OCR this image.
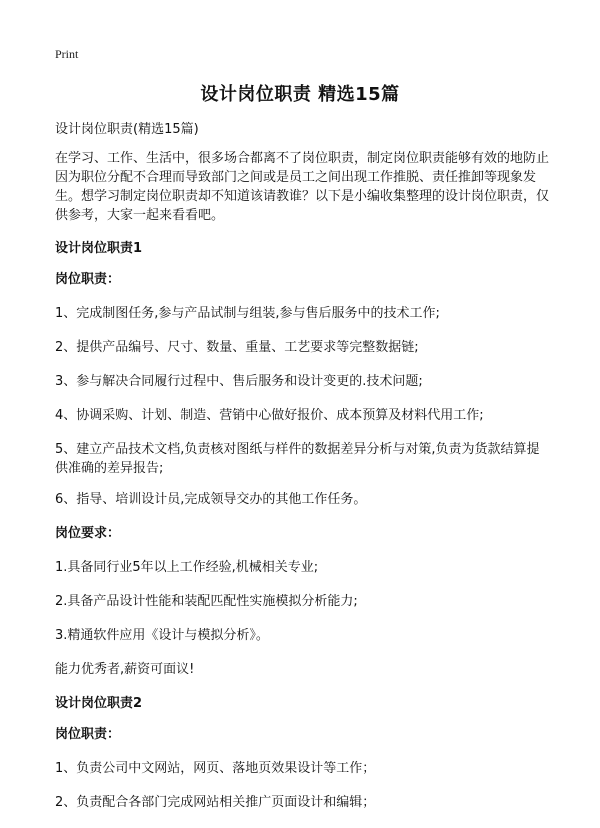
Print
设计岗位职责 精选15篇

设计岗位职责(精选15篇)

在学习、工作、生活中，很多场合都离不了岗位职责，制定岗位职责能够有效的地防止因为职位分配不合理而导致部门之间或是员工之间出现工作推脱、责任推卸等现象发生。想学习制定岗位职责却不知道该请教谁？以下是小编收集整理的设计岗位职责，仅供参考，大家一起来看看吧。

设计岗位职责1

岗位职责：

1、完成制图任务,参与产品试制与组装,参与售后服务中的技术工作;

2、提供产品编号、尺寸、数量、重量、工艺要求等完整数据链;

3、参与解决合同履行过程中、售后服务和设计变更的.技术问题;

4、协调采购、计划、制造、营销中心做好报价、成本预算及材料代用工作;

5、建立产品技术文档,负责核对图纸与样件的数据差异分析与对策,负责为货款结算提供准确的差异报告;

6、指导、培训设计员,完成领导交办的其他工作任务。

岗位要求：

1.具备同行业5年以上工作经验,机械相关专业;

2.具备产品设计性能和装配匹配性实施模拟分析能力;

3.精通软件应用《设计与模拟分析》。

能力优秀者,薪资可面议!

设计岗位职责2

岗位职责：

1、负责公司中文网站，网页、落地页效果设计等工作；

2、负责配合各部门完成网站相关推广页面设计和编辑；
